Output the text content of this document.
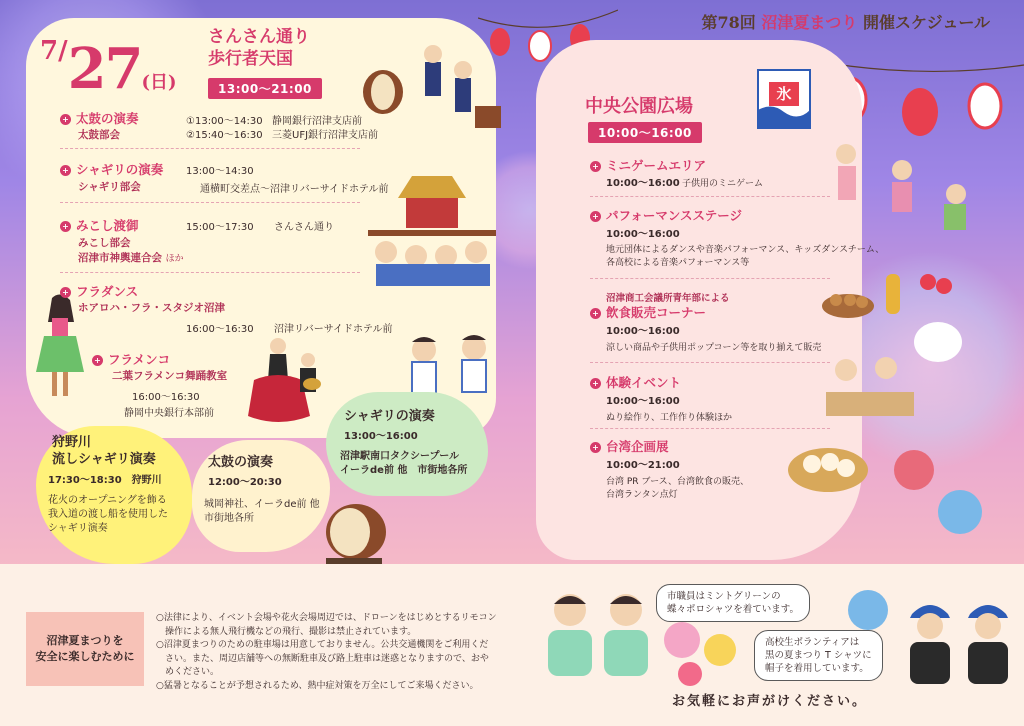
第78回 沼津夏まつり 開催スケジュール
7/27(日)
さんさん通り
歩行者天国
13:00～21:00
+ 太鼓の演奏
太鼓部会
①13:00～14:30 静岡銀行沼津支店前
②15:40～16:30 三菱UFJ銀行沼津支店前
+ シャギリの演奏 13:00～14:30
シャギリ部会	通横町交差点～沼津リバーサイドホテル前
+ みこし渡御	15:00～17:30 さんさん通り
みこし部会
沼津市神輿連合会 ほか
+ フラダンス
ホアロハ・フラ・スタジオ沼津
16:00～16:30 沼津リバーサイドホテル前
+ フラメンコ
二葉フラメンコ舞踊教室
16:00～16:30
静岡中央銀行本部前
狩野川
流しシャギリ演奏
17:30～18:30　 狩野川
花火のオープニングを飾る
我入道の渡し船を使用した
シャギリ演奏
太鼓の演奏
12:00～20:30
城岡神社、イーラde前 他
市街地各所
シャギリの演奏
13:00～16:00
沼津駅南口タクシープール
イーラde前 他　市街地各所
氷
中央公園広場
10:00～16:00
+ ミニゲームエリア
10:00～16:00 子供用のミニゲーム
+ パフォーマンスステージ
10:00～16:00
地元団体によるダンスや音楽パフォーマンス、キッズダンスチーム、
各高校による音楽パフォーマンス等
沼津商工会議所青年部による
+ 飲食販売コーナー
10:00～16:00
涼しい商品や子供用ポップコーン等を取り揃えて販売
+ 体験イベント
10:00～16:00
ぬり絵作り、工作作り体験ほか
+ 台湾企画展
10:00～21:00
台湾 PR ブース、台湾飲食の販売、
台湾ランタン点灯
沼津夏まつりを
安全に楽しむために
○法律により、イベント会場や花火会場周辺では、ドローンをはじめとするリモコン
　操作による無人飛行機などの飛行、撮影は禁止されています。
○沼津夏まつりのための駐車場は用意しておりません。公共交通機関をご利用くだ
　さい。また、周辺店舗等への無断駐車及び路上駐車は迷惑となりますので、おや
　めください。
○猛暑となることが予想されるため、熱中症対策を万全にしてご来場ください。
市職員はミントグリーンの
蝶々ポロシャツを着ています。
高校生ボランティアは
黒の夏まつり T シャツに
帽子を着用しています。
お気軽にお声がけください。
